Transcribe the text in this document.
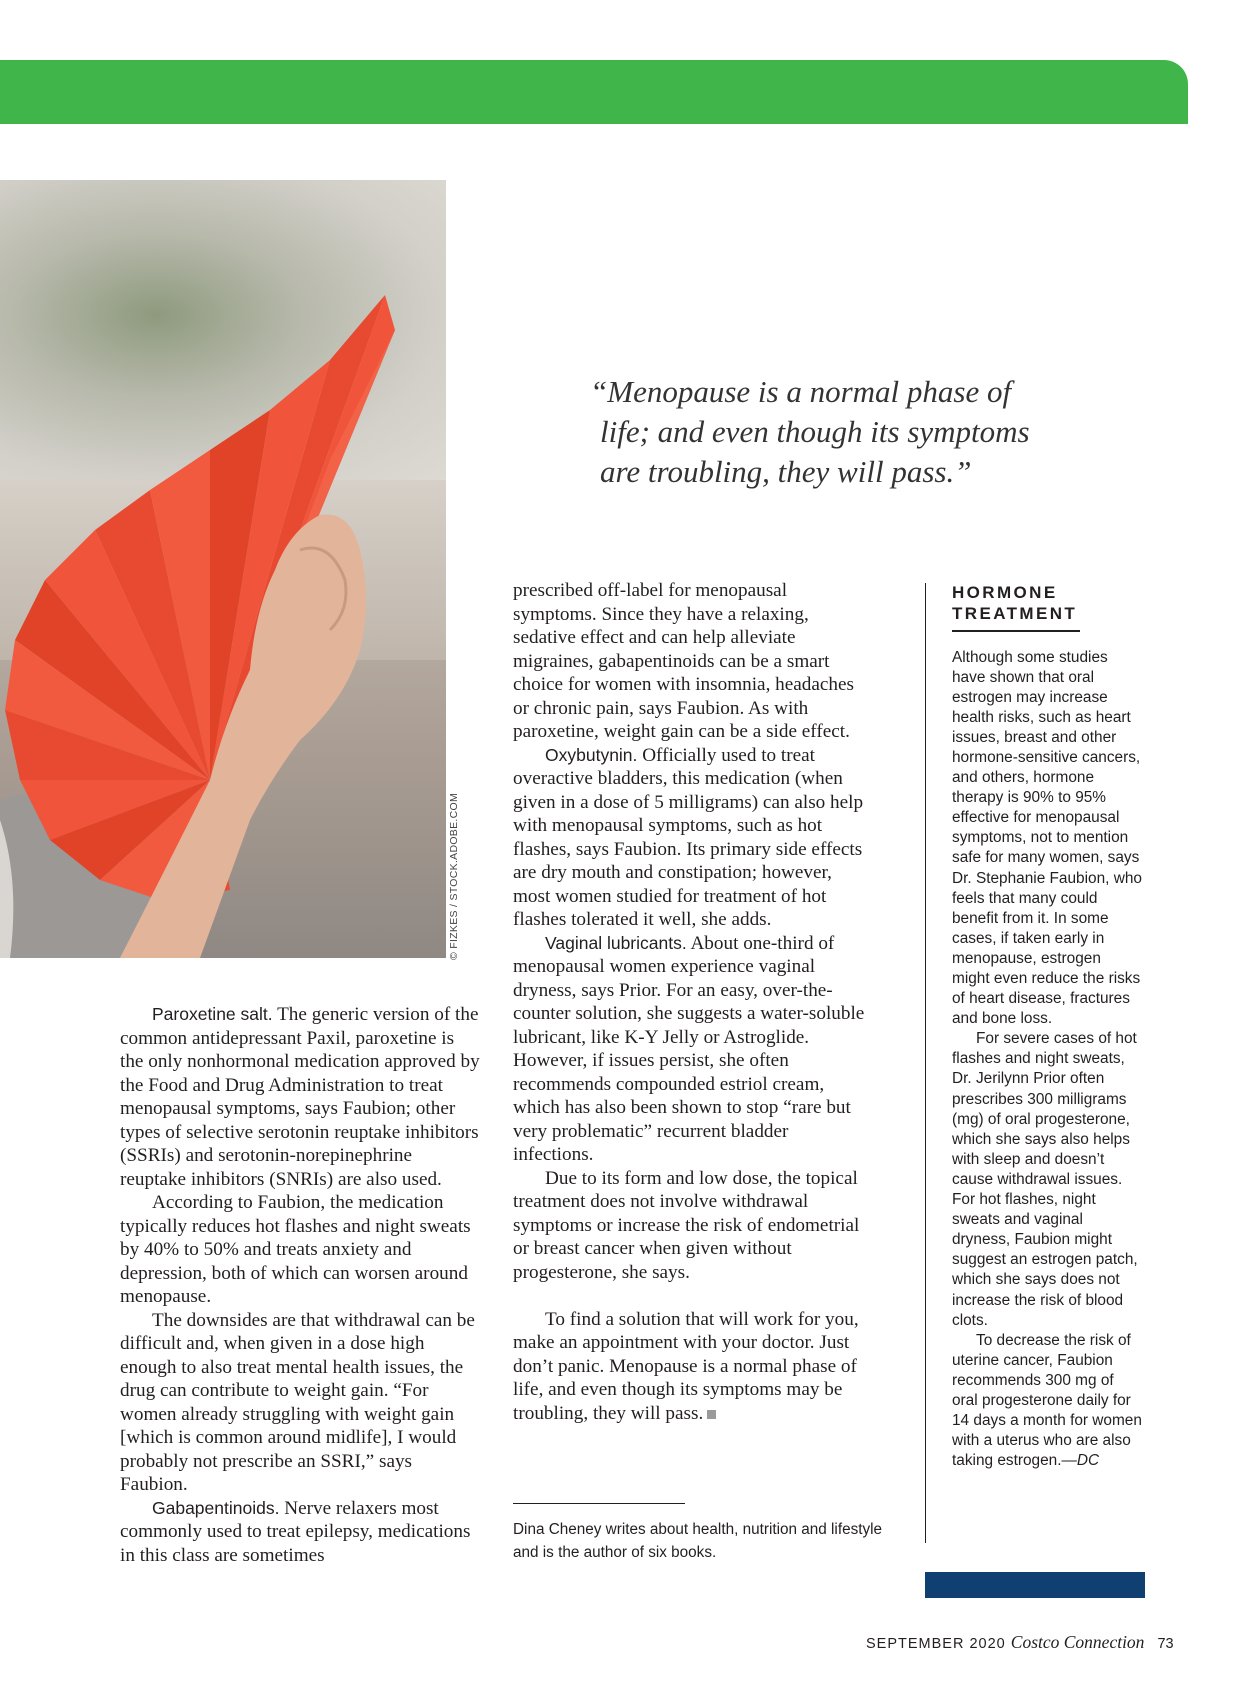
© FIZKES / STOCK.ADOBE.COM
“Menopause is a normal phase of
life; and even though its symptoms
are troubling, they will pass.”

Paroxetine salt. The generic version of the common antidepressant Paxil, paroxetine is the only nonhormonal medication approved by the Food and Drug Administration to treat menopausal symptoms, says Faubion; other types of selective serotonin reuptake inhibitors (SSRIs) and serotonin-norepinephrine reuptake inhibitors (SNRIs) are also used.

According to Faubion, the medication typically reduces hot flashes and night sweats by 40% to 50% and treats anxiety and depression, both of which can worsen around menopause.

The downsides are that withdrawal can be difficult and, when given in a dose high enough to also treat mental health issues, the drug can contribute to weight gain. “For women already struggling with weight gain [which is common around midlife], I would probably not prescribe an SSRI,” says Faubion.

Gabapentinoids. Nerve relaxers most commonly used to treat epilepsy, medications in this class are sometimes

prescribed off-label for menopausal symptoms. Since they have a relaxing, sedative effect and can help alleviate migraines, gabapentinoids can be a smart choice for women with insomnia, headaches or chronic pain, says Faubion. As with paroxetine, weight gain can be a side effect.

Oxybutynin. Officially used to treat overactive bladders, this medication (when given in a dose of 5 milligrams) can also help with menopausal symptoms, such as hot flashes, says Faubion. Its primary side effects are dry mouth and constipation; however, most women studied for treatment of hot flashes tolerated it well, she adds.

Vaginal lubricants. About one-third of menopausal women experience vaginal dryness, says Prior. For an easy, over-the-counter solution, she suggests a water-soluble lubricant, like K-Y Jelly or Astroglide. However, if issues persist, she often recommends compounded estriol cream, which has also been shown to stop “rare but very problematic” recurrent bladder infections.

Due to its form and low dose, the topical treatment does not involve withdrawal symptoms or increase the risk of endometrial or breast cancer when given without progesterone, she says.

To find a solution that will work for you, make an appointment with your doctor. Just don’t panic. Menopause is a normal phase of life, and even though its symptoms may be troubling, they will pass.

Dina Cheney writes about health, nutrition and lifestyle and is the author of six books.
HORMONE
TREATMENT

Although some studies have shown that oral estrogen may increase health risks, such as heart issues, breast and other hormone-sensitive cancers, and others, hormone therapy is 90% to 95% effective for menopausal symptoms, not to mention safe for many women, says Dr. Stephanie Faubion, who feels that many could benefit from it. In some cases, if taken early in menopause, estrogen might even reduce the risks of heart disease, fractures and bone loss.

For severe cases of hot flashes and night sweats, Dr. Jerilynn Prior often prescribes 300 milligrams (mg) of oral progesterone, which she says also helps with sleep and doesn’t cause withdrawal issues. For hot flashes, night sweats and vaginal dryness, Faubion might suggest an estrogen patch, which she says does not increase the risk of blood clots.

To decrease the risk of uterine cancer, Faubion recommends 300 mg of oral progesterone daily for 14 days a month for women with a uterus who are also taking estrogen.—DC

SEPTEMBER 2020 Costco Connection 73
